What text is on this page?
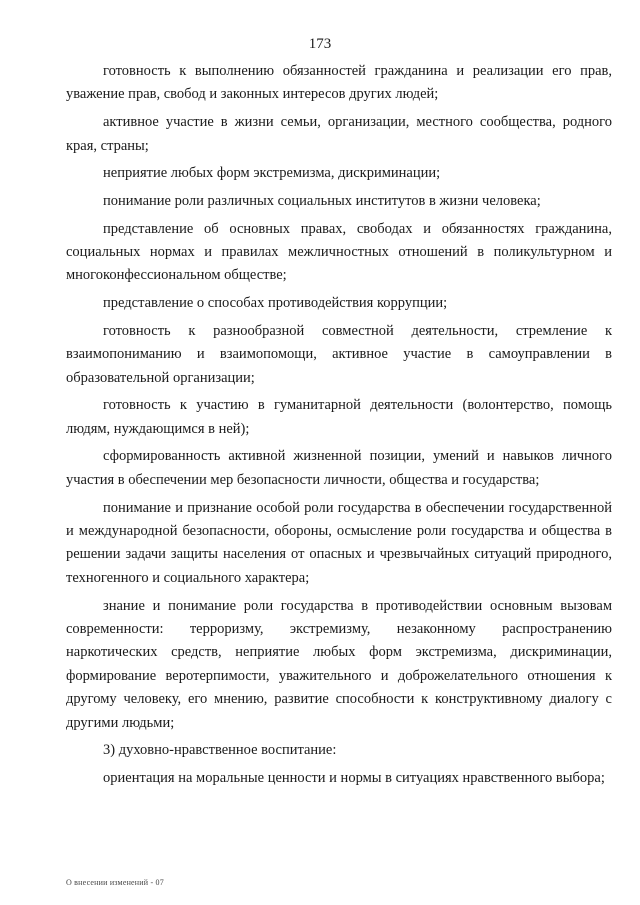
173

готовность к выполнению обязанностей гражданина и реализации его прав, уважение прав, свобод и законных интересов других людей;

активное участие в жизни семьи, организации, местного сообщества, родного края, страны;

неприятие любых форм экстремизма, дискриминации;

понимание роли различных социальных институтов в жизни человека;

представление об основных правах, свободах и обязанностях гражданина, социальных нормах и правилах межличностных отношений в поликультурном и многоконфессиональном обществе;

представление о способах противодействия коррупции;

готовность к разнообразной совместной деятельности, стремление к взаимопониманию и взаимопомощи, активное участие в самоуправлении в образовательной организации;

готовность к участию в гуманитарной деятельности (волонтерство, помощь людям, нуждающимся в ней);

сформированность активной жизненной позиции, умений и навыков личного участия в обеспечении мер безопасности личности, общества и государства;

понимание и признание особой роли государства в обеспечении государственной и международной безопасности, обороны, осмысление роли государства и общества в решении задачи защиты населения от опасных и чрезвычайных ситуаций природного, техногенного и социального характера;

знание и понимание роли государства в противодействии основным вызовам современности: терроризму, экстремизму, незаконному распространению наркотических средств, неприятие любых форм экстремизма, дискриминации, формирование веротерпимости, уважительного и доброжелательного отношения к другому человеку, его мнению, развитие способности к конструктивному диалогу с другими людьми;

3) духовно-нравственное воспитание:

ориентация на моральные ценности и нормы в ситуациях нравственного выбора;

О внесении изменений - 07
